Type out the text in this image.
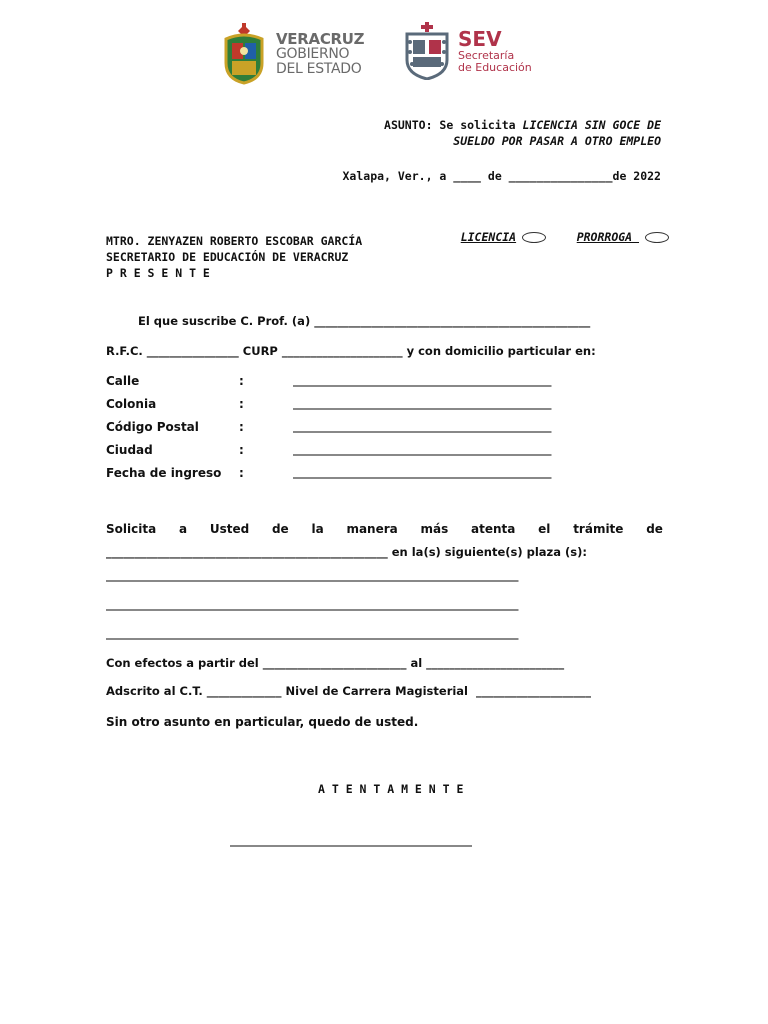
VERACRUZ
GOBIERNO
DEL ESTADO
SEV
Secretaría
de Educación
ASUNTO: Se solicita LICENCIA SIN GOCE DE
SUELDO POR PASAR A OTRO EMPLEO
Xalapa, Ver., a ____ de _______________de 2022

LICENCIA
	PRORROGA

MTRO. ZENYAZEN ROBERTO ESCOBAR GARCÍA
SECRETARIO DE EDUCACIÓN DE VERACRUZ
P R E S E N T E
El que suscribe C. Prof. (a) ________________________________________________
R.F.C. ________________ CURP _____________________ y con domicilio particular en:
Calle	:	_______________________________________________
Colonia	:	_______________________________________________
Código Postal	:	_______________________________________________
Ciudad	:	_______________________________________________
Fecha de ingreso :	_______________________________________________
Solicita a Usted de la manera más atenta el trámite de
_________________________________________________ en la(s) siguiente(s) plaza (s):
___________________________________________________________________________
___________________________________________________________________________
___________________________________________________________________________
Con efectos a partir del _________________________ al ________________________
Adscrito al C.T. _____________ Nivel de Carrera Magisterial  ____________________
Sin otro asunto en particular, quedo de usted.
A T E N T A M E N T E
____________________________________________
